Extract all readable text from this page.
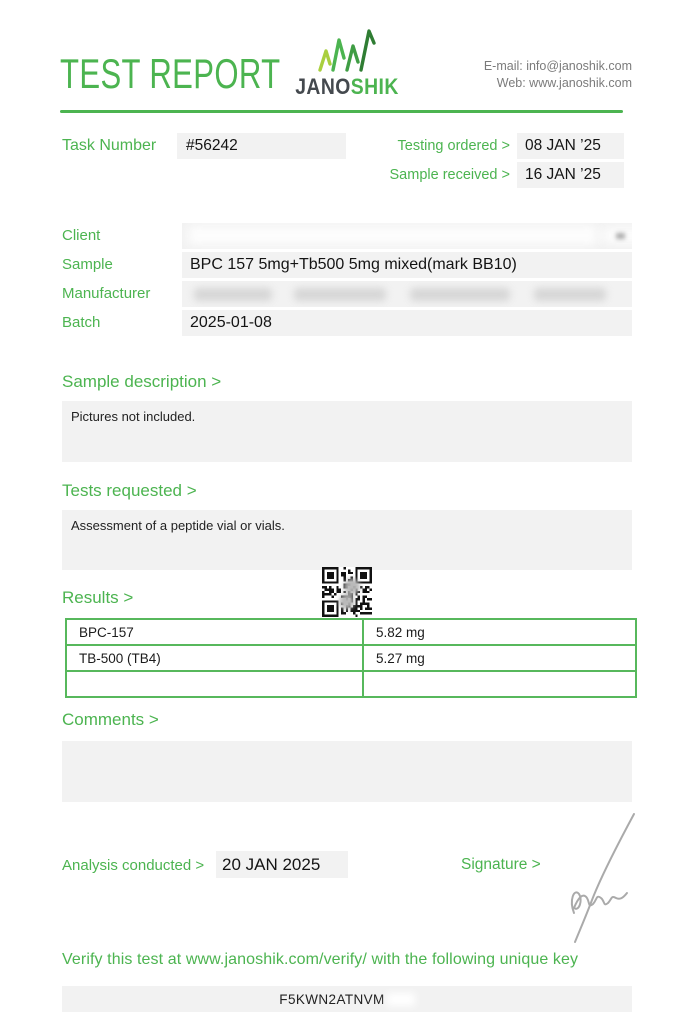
TEST REPORT JANOSHIK
E-mail: info@janoshik.com
Web: www.janoshik.com
Task Number	#56242	Testing ordered > 08 JAN ’25
Sample received > 16 JAN ’25
Client
Sample	BPC 157 5mg+Tb500 5mg mixed(mark BB10)
Manufacturer
Batch	2025-01-08
Sample description >
Pictures not included.
Tests requested >
Assessment of a peptide vial or vials.
Results >
BPC-157	5.82 mg
TB-500 (TB4)	5.27 mg

Comments >
Analysis conducted >	20 JAN 2025	Signature >
Verify this test at www.janoshik.com/verify/ with the following unique key
F5KWN2ATNVM
